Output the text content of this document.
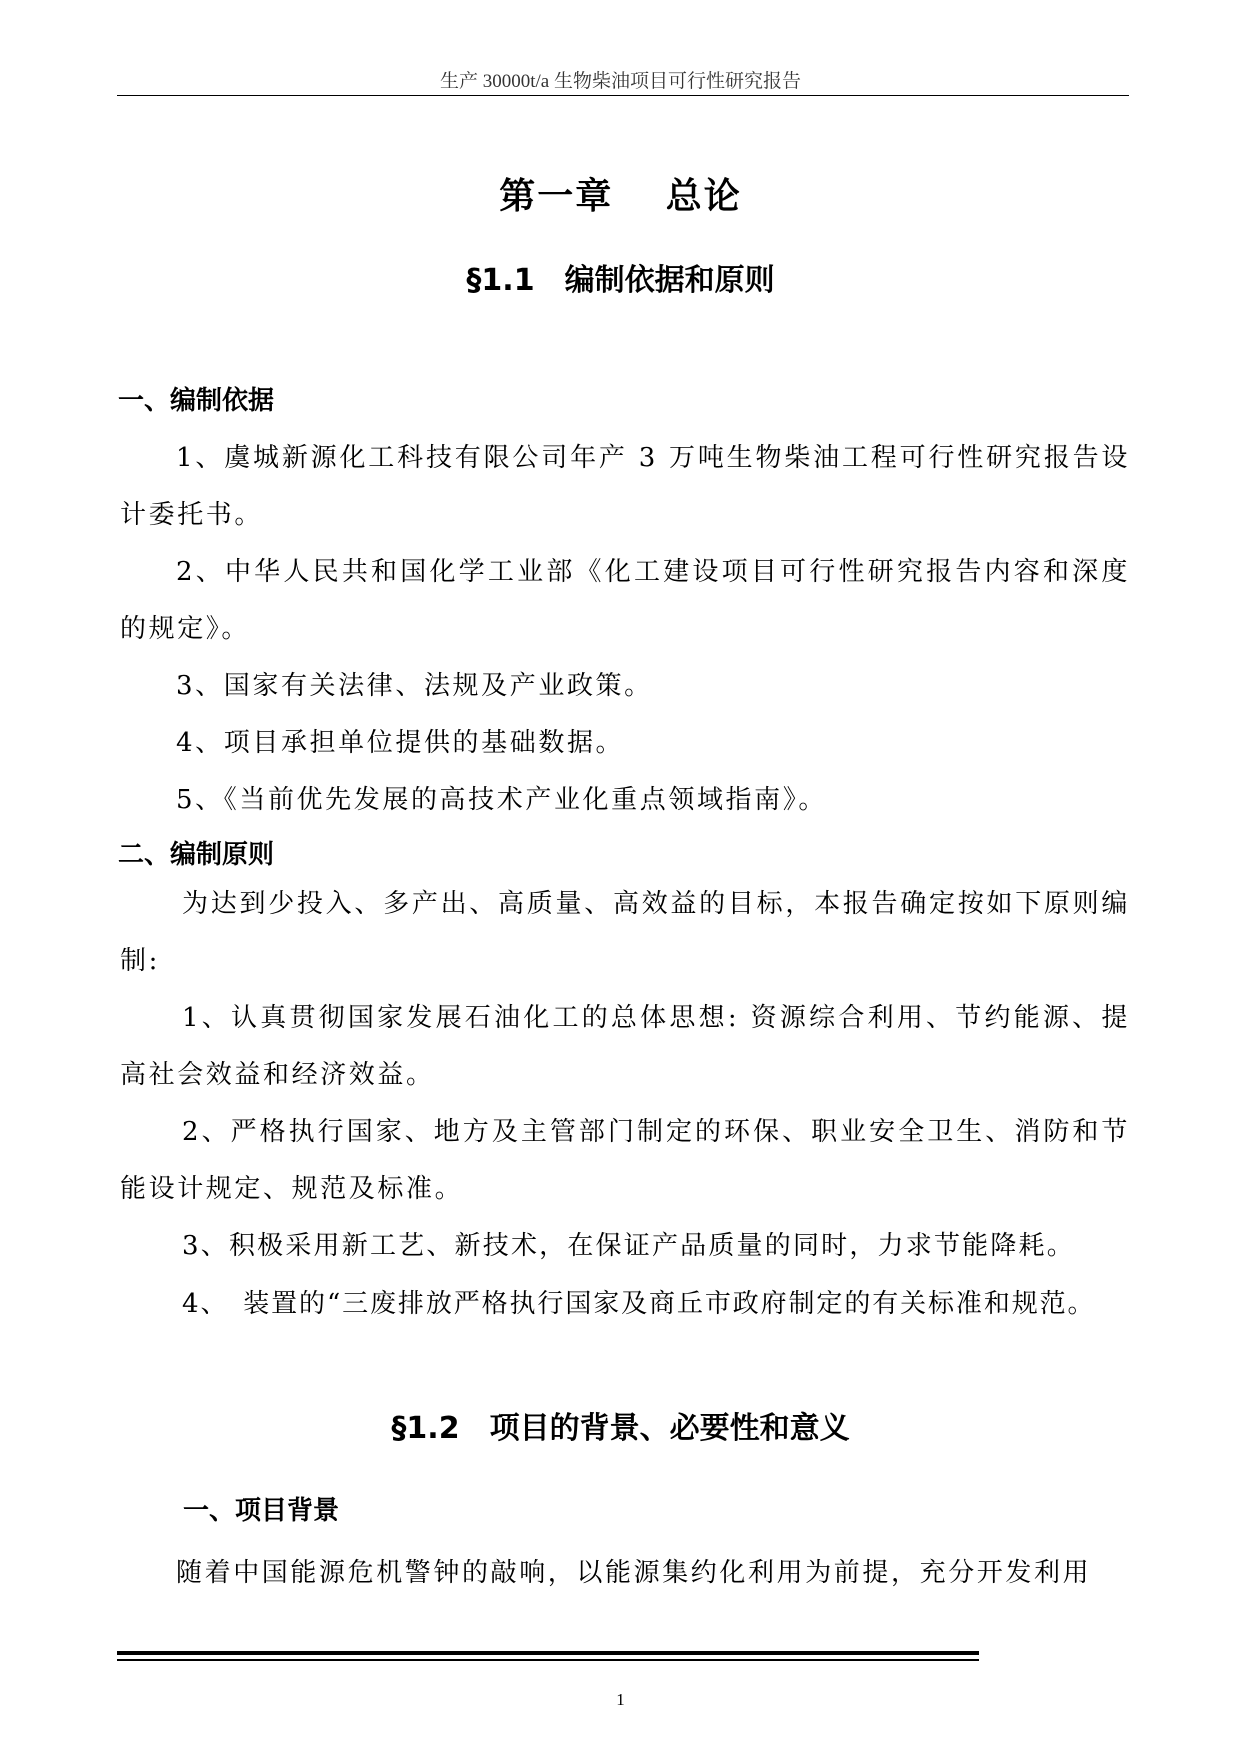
生产 30000t/a 生物柴油项目可行性研究报告
第一章　 总论
§1.1　编制依据和原则
一、编制依据
1、虞城新源化工科技有限公司年产 3 万吨生物柴油工程可行性研究报告设计委托书。
2、中华人民共和国化学工业部《化工建设项目可行性研究报告内容和深度的规定》。
3、国家有关法律、法规及产业政策。
4、项目承担单位提供的基础数据。
5、《当前优先发展的高技术产业化重点领域指南》。
二、编制原则
为达到少投入、多产出、高质量、高效益的目标，本报告确定按如下原则编制:
1、认真贯彻国家发展石油化工的总体思想: 资源综合利用、节约能源、提高社会效益和经济效益。
2、严格执行国家、地方及主管部门制定的环保、职业安全卫生、消防和节能设计规定、规范及标准。
3、积极采用新工艺、新技术，在保证产品质量的同时，力求节能降耗。
4、　装置的“三废排放严格执行国家及商丘市政府制定的有关标准和规范。
§1.2　项目的背景、必要性和意义
一、项目背景
随着中国能源危机警钟的敲响，以能源集约化利用为前提，充分开发利用
1
